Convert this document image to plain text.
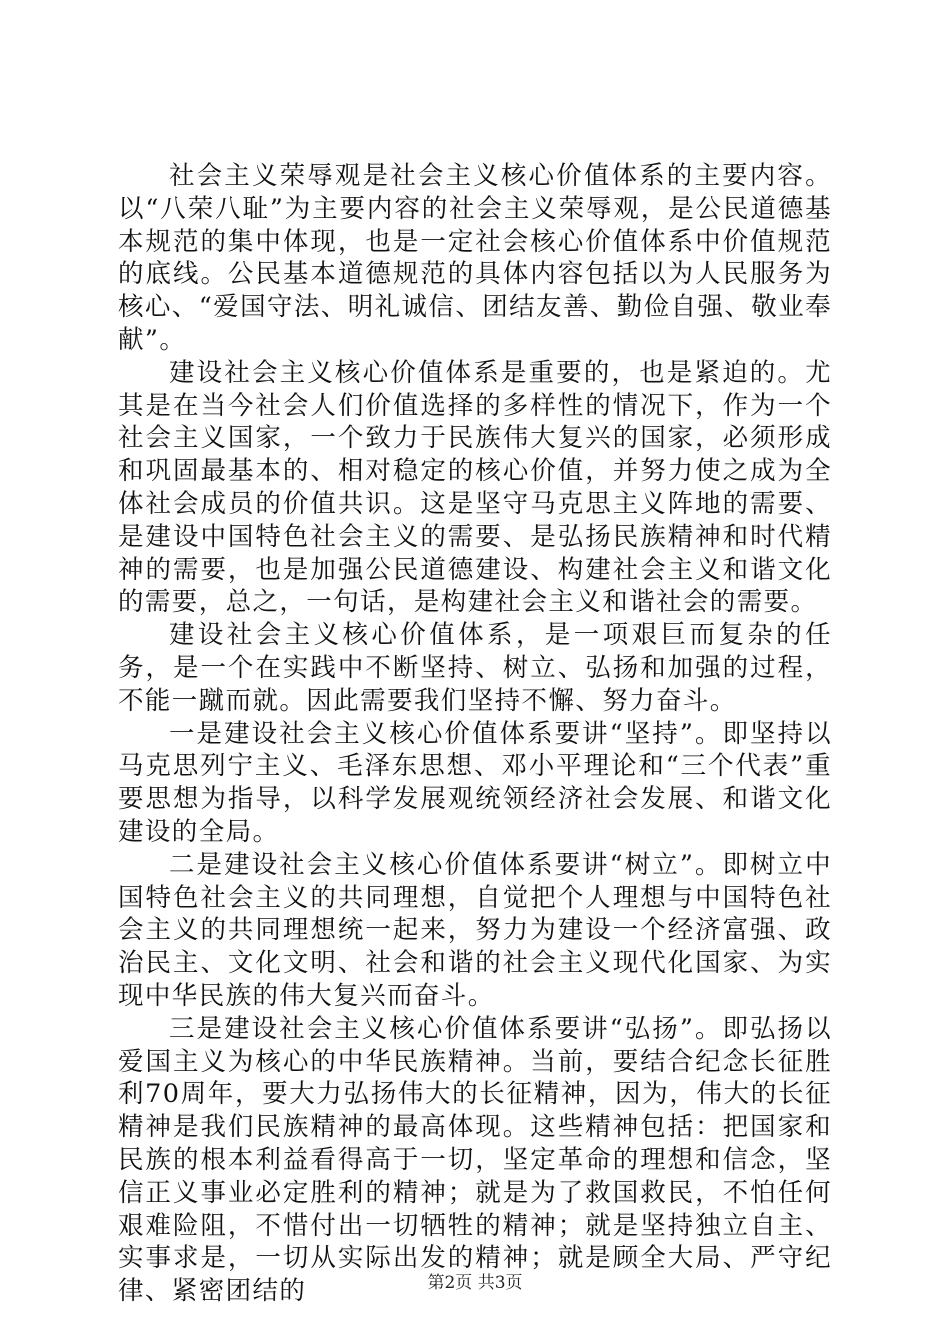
社会主义荣辱观是社会主义核心价值体系的主要内容。以“八荣八耻”为主要内容的社会主义荣辱观，是公民道德基本规范的集中体现，也是一定社会核心价值体系中价值规范的底线。公民基本道德规范的具体内容包括以为人民服务为核心、“爱国守法、明礼诚信、团结友善、勤俭自强、敬业奉献”。

建设社会主义核心价值体系是重要的，也是紧迫的。尤其是在当今社会人们价值选择的多样性的情况下，作为一个社会主义国家，一个致力于民族伟大复兴的国家，必须形成和巩固最基本的、相对稳定的核心价值，并努力使之成为全体社会成员的价值共识。这是坚守马克思主义阵地的需要、是建设中国特色社会主义的需要、是弘扬民族精神和时代精神的需要，也是加强公民道德建设、构建社会主义和谐文化的需要，总之，一句话，是构建社会主义和谐社会的需要。

建设社会主义核心价值体系，是一项艰巨而复杂的任务，是一个在实践中不断坚持、树立、弘扬和加强的过程，不能一蹴而就。因此需要我们坚持不懈、努力奋斗。

一是建设社会主义核心价值体系要讲“坚持”。即坚持以马克思列宁主义、毛泽东思想、邓小平理论和“三个代表”重要思想为指导，以科学发展观统领经济社会发展、和谐文化建设的全局。

二是建设社会主义核心价值体系要讲“树立”。即树立中国特色社会主义的共同理想，自觉把个人理想与中国特色社会主义的共同理想统一起来，努力为建设一个经济富强、政治民主、文化文明、社会和谐的社会主义现代化国家、为实现中华民族的伟大复兴而奋斗。

三是建设社会主义核心价值体系要讲“弘扬”。即弘扬以爱国主义为核心的中华民族精神。当前，要结合纪念长征胜利70周年，要大力弘扬伟大的长征精神，因为，伟大的长征精神是我们民族精神的最高体现。这些精神包括：把国家和民族的根本利益看得高于一切，坚定革命的理想和信念，坚信正义事业必定胜利的精神；就是为了救国救民，不怕任何艰难险阻，不惜付出一切牺牲的精神；就是坚持独立自主、实事求是，一切从实际出发的精神；就是顾全大局、严守纪律、紧密团结的	第2页 共3页
